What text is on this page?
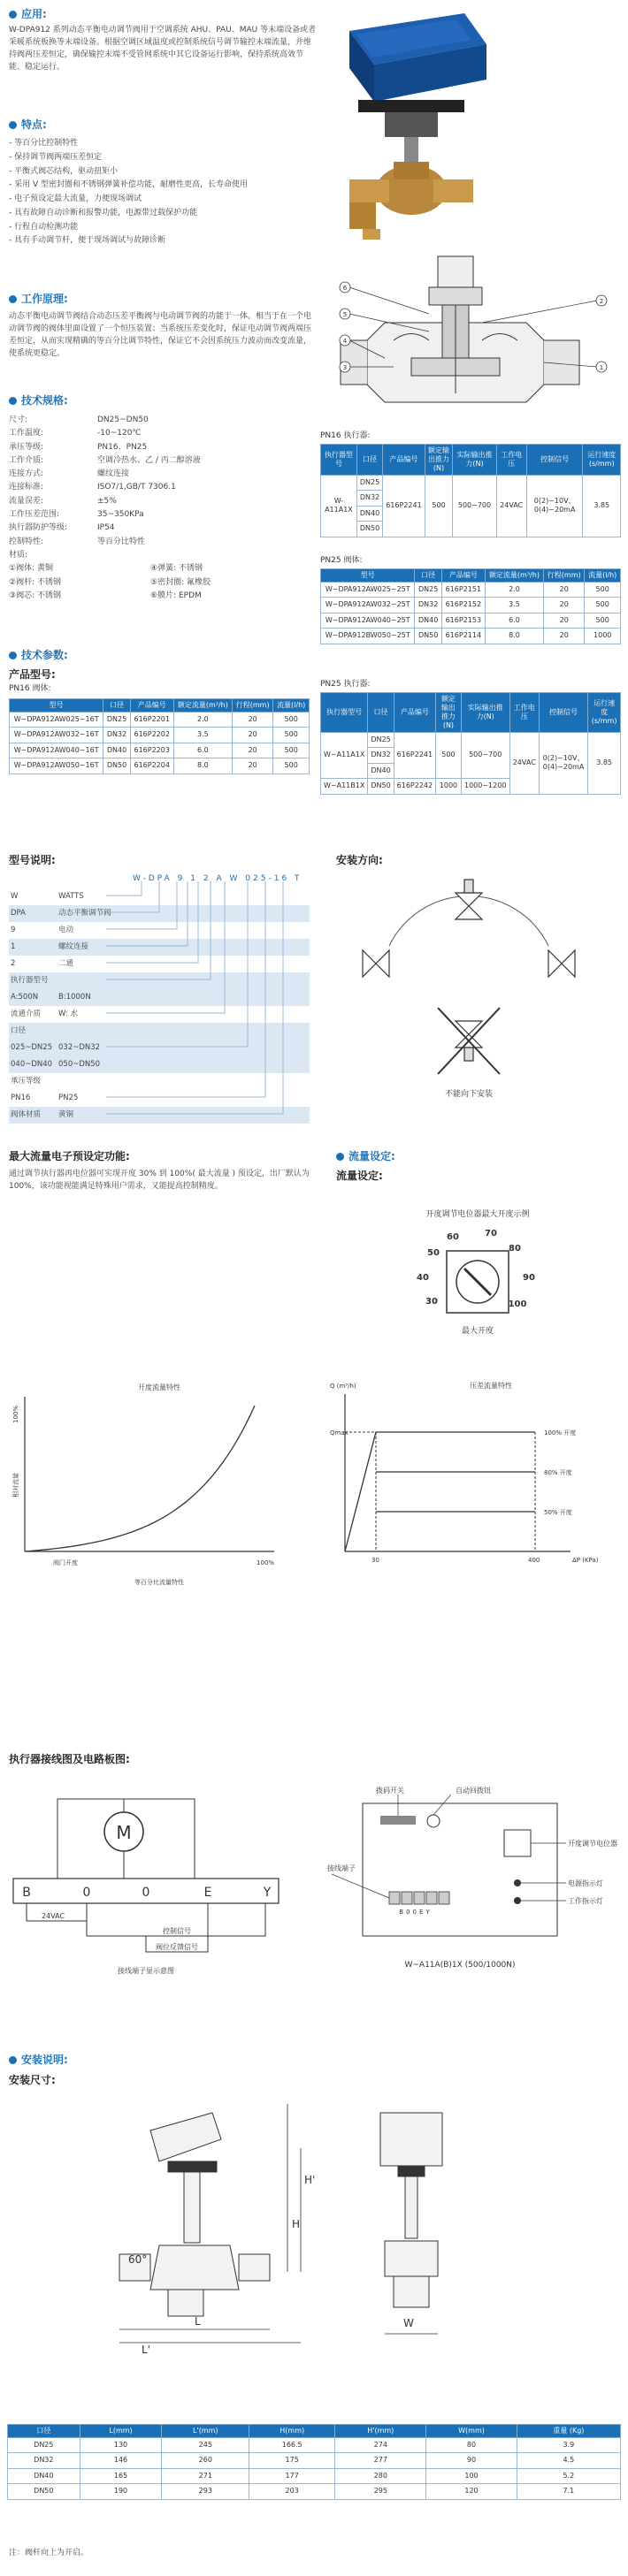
应用:
W-DPA912 系列动态平衡电动调节阀用于空调系统 AHU、PAU、MAU 等末端设备或者采暖系统板换等末端设备。根据空调区域温度或控制系统信号调节输控末端流量，并维持阀两压差恒定，确保输控末端不受管网系统中其它设备运行影响，保持系统高效节能、稳定运行。
特点:
- 等百分比控制特性
- 保持调节阀两端压差恒定
- 平衡式阀芯结构，驱动扭矩小
- 采用 V 型密封圈和不锈钢弹簧补偿功能，耐磨性更高，长寿命使用
- 电子预设定最大流量，力便现场调试
- 具有故障自动诊断和报警功能，电源带过载保护功能
- 行程自动检测功能
- 具有手动调节杆，便于现场调试与故障诊断
工作原理:
动态平衡电动调节阀结合动态压差平衡阀与电动调节阀的功能于一体。相当于在一个电动调节阀的阀体里面设置了一个恒压装置；当系统压差变化时，保证电动调节阀两端压差恒定，从而实现精确的等百分比调节特性，保证它不会因系统压力波动而改变流量，使系统更稳定。
6
5
4
3
2
1
技术规格:
尺寸:	DN25~DN50
工作温度:	-10~120℃
承压等级:	PN16、PN25
工作介质:	空调冷热水、乙 / 丙二醇溶液
连接方式:	螺纹连接
连接标准:	ISO7/1,GB/T 7306.1
流量误差:	±5%
工作压差范围:	35~350KPa
执行器防护等级:	IP54
控制特性:	等百分比特性
材质:
①阀体: 黄铜	④弹簧: 不锈钢
②阀杆: 不锈钢	⑤密封圈: 氟橡胶
③阀芯: 不锈钢	⑥膜片: EPDM
PN16 执行器:
执行器型号	口径	产品编号	额定输出推力(N)	实际输出推力(N)	工作电压	控制信号	运行速度(s/mm)
W-A11A1X	DN25	616P2241	500	500~700	24VAC	0(2)~10V、0(4)~20mA	3.85
	DN32						
	DN40						
	DN50						
PN25 阀体:
型号	口径	产品编号	额定流量(m³/h)	行程(mm)	流量(l/h)
W~DPA912AW025~25T	DN25	616P2151	2.0	20	500
W~DPA912AW032~25T	DN32	616P2152	3.5	20	500
W~DPA912AW040~25T	DN40	616P2153	6.0	20	500
W~DPA912BW050~25T	DN50	616P2114	8.0	20	1000
PN25 执行器:
执行器型号	口径	产品编号	额定输出推力(N)	实际输出推力(N)	工作电压	控制信号	运行速度(s/mm)
W~A11A1X	DN25	616P2241	500	500~700	24VAC	0(2)~10V、0(4)~20mA	3.85
	DN32						
	DN40						
W~A11B1X	DN50	616P2242	1000	1000~1200			
技术参数:
产品型号:
PN16 阀体:
型号	口径	产品编号	额定流量(m³/h)	行程(mm)	流量(l/h)
W~DPA912AW025~16T	DN25	616P2201	2.0	20	500
W~DPA912AW032~16T	DN32	616P2202	3.5	20	500
W~DPA912AW040~16T	DN40	616P2203	6.0	20	500
W~DPA912AW050~16T	DN50	616P2204	8.0	20	500
型号说明:
W-DPA 9 1 2 A W 025-16 T
W	WATTS
DPA	动态平衡调节阀
9	电动
1	螺纹连接
2	二通
执行器型号
A:500N	B:1000N
流通介质	W: 水
口径
025~DN25 032~DN32
040~DN40 050~DN50
承压等级
PN16	PN25
阀体材质	黄铜
安装方向:
不能向下安装
最大流量电子预设定功能:
通过调节执行器再电位器可实现开度 30% 到 100%( 最大流量 ) 预设定，出厂默认为 100%，该功能视能满足特殊用户需求，又能提高控制精度。
流量设定:
流量设定:
开度调节电位器最大开度示例
60	70
80
90
100
50
40
30
最大开度
开度流量特性
100%
相对流量
阀门开度	100%
等百分比流量特性
压差流量特性
Q (m³/h)
Qmax	100% 开度
80% 开度
50% 开度
30	400	ΔP (KPa)
执行器接线图及电路板图:
M
B	0	0	E	Y
24VAC
控制信号
阀位反馈信号
接线端子显示意图
B00EY
拨码开关	自动回拨钮
开度调节电位器
电源指示灯
工作指示灯
接线端子
W~A11A(B)1X (500/1000N)
安装说明:
安装尺寸:
H
H'
L
L'
60°
W
口径	L(mm)	L'(mm)	H(mm)	H'(mm)	W(mm)	重量 (Kg)
DN25	130	245	166.5	274	80	3.9
DN32	146	260	175	277	90	4.5
DN40	165	271	177	280	100	5.2
DN50	190	293	203	295	120	7.1
注：阀杆向上为开启。
